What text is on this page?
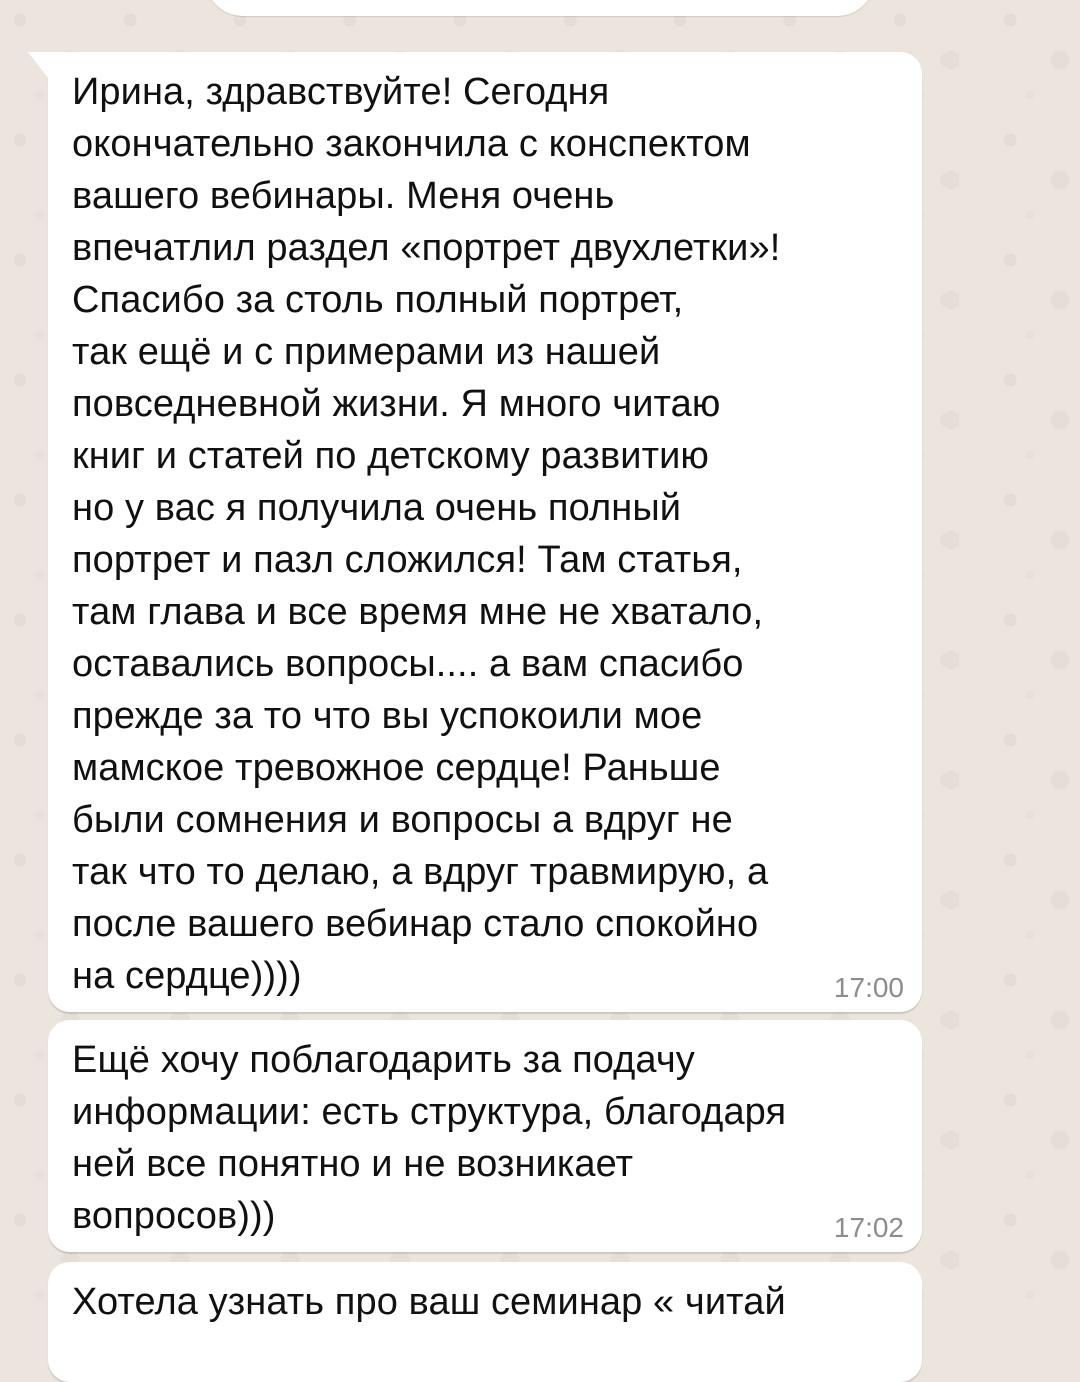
Ирина, здравствуйте! Сегодня
окончательно закончила с конспектом
вашего вебинары. Меня очень
впечатлил раздел «портрет двухлетки»!
Спасибо за столь полный портрет,
так ещё и с примерами из нашей
повседневной жизни. Я много читаю
книг и статей по детскому развитию
но у вас я получила очень полный
портрет и пазл сложился! Там статья,
там глава и все время мне не хватало,
оставались вопросы.... а вам спасибо
прежде за то что вы успокоили мое
мамское тревожное сердце! Раньше
были сомнения и вопросы а вдруг не
так что то делаю, а вдруг травмирую, а
после вашего вебинар стало спокойно
на сердце))))	17:00

Ещё хочу поблагодарить за подачу
информации: есть структура, благодаря
ней все понятно и не возникает
вопросов)))	17:02

Хотела узнать про ваш семинар « читай
